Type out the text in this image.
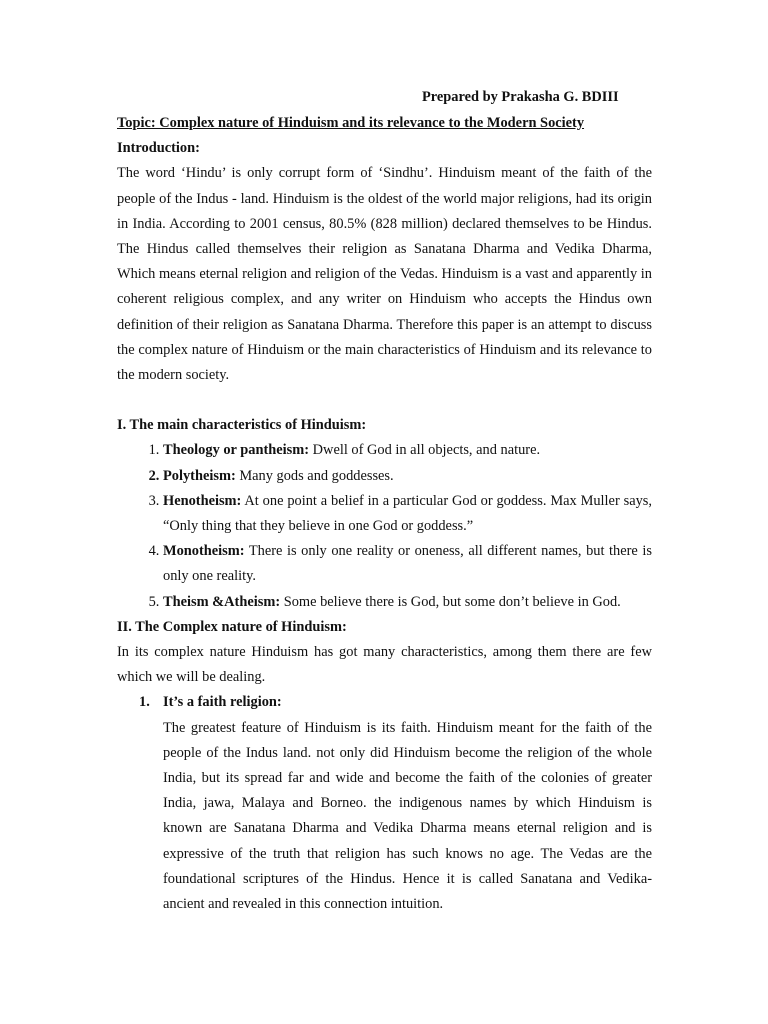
Prepared by Prakasha G. BDIII
Topic: Complex nature of Hinduism and its relevance to the Modern Society
Introduction:

The word ‘Hindu’ is only corrupt form of ‘Sindhu’. Hinduism meant of the faith of the people of the Indus - land. Hinduism is the oldest of the world major religions, had its origin in India. According to 2001 census, 80.5% (828 million) declared themselves to be Hindus. The Hindus called themselves their religion as Sanatana Dharma and Vedika Dharma, Which means eternal religion and religion of the Vedas. Hinduism is a vast and apparently in coherent religious complex, and any writer on Hinduism who accepts the Hindus own definition of their religion as Sanatana Dharma. Therefore this paper is an attempt to discuss the complex nature of Hinduism or the main characteristics of Hinduism and its relevance to the modern society.

I. The main characteristics of Hinduism:
1. Theology or pantheism: Dwell of God in all objects, and nature.
2. Polytheism: Many gods and goddesses.
3. Henotheism: At one point a belief in a particular God or goddess. Max Muller says, “Only thing that they believe in one God or goddess.”
4. Monotheism: There is only one reality or oneness, all different names, but there is only one reality.
5. Theism &Atheism: Some believe there is God, but some don’t believe in God.
II. The Complex nature of Hinduism:

In its complex nature Hinduism has got many characteristics, among them there are few which we will be dealing.

1. It’s a faith religion:

The greatest feature of Hinduism is its faith. Hinduism meant for the faith of the people of the Indus land. not only did Hinduism become the religion of the whole India, but its spread far and wide and become the faith of the colonies of greater India, jawa, Malaya and Borneo. the indigenous names by which Hinduism is known are Sanatana Dharma and Vedika Dharma means eternal religion and is expressive of the truth that religion has such knows no age. The Vedas are the foundational scriptures of the Hindus. Hence it is called Sanatana and Vedika-ancient and revealed in this connection intuition.
